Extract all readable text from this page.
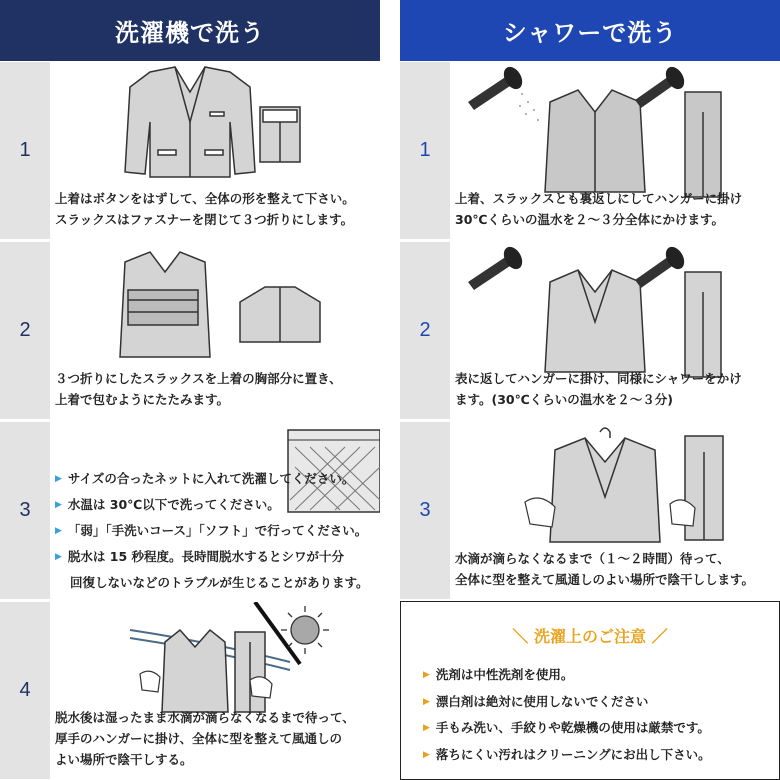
洗濯機で洗う
1
上着はボタンをはずして、全体の形を整えて下さい。
スラックスはファスナーを閉じて３つ折りにします。
2
３つ折りにしたスラックスを上着の胸部分に置き、
上着で包むようにたたみます。
3
▶ サイズの合ったネットに入れて洗濯してください。
▶ 水温は 30℃以下で洗ってください。
▶ 「弱」「手洗いコース」「ソフト」で行ってください。
▶ 脱水は 15 秒程度。長時間脱水するとシワが十分
回復しないなどのトラブルが生じることがあります。
4
脱水後は湿ったまま水滴が滴らなくなるまで待って、
厚手のハンガーに掛け、全体に型を整えて風通しの
よい場所で陰干しする。
シャワーで洗う
1
上着、スラックスとも裏返しにしてハンガーに掛け
30℃くらいの温水を２～３分全体にかけます。
2
表に返してハンガーに掛け、同様にシャワーをかけ
ます。(30℃くらいの温水を２～３分)
3
水滴が滴らなくなるまで（１～２時間）待って、
全体に型を整えて風通しのよい場所で陰干しします。
＼ 洗濯上のご注意 ／
▶ 洗剤は中性洗剤を使用。
▶ 漂白剤は絶対に使用しないでください
▶ 手もみ洗い、手絞りや乾燥機の使用は厳禁です。
▶ 落ちにくい汚れはクリーニングにお出し下さい。
